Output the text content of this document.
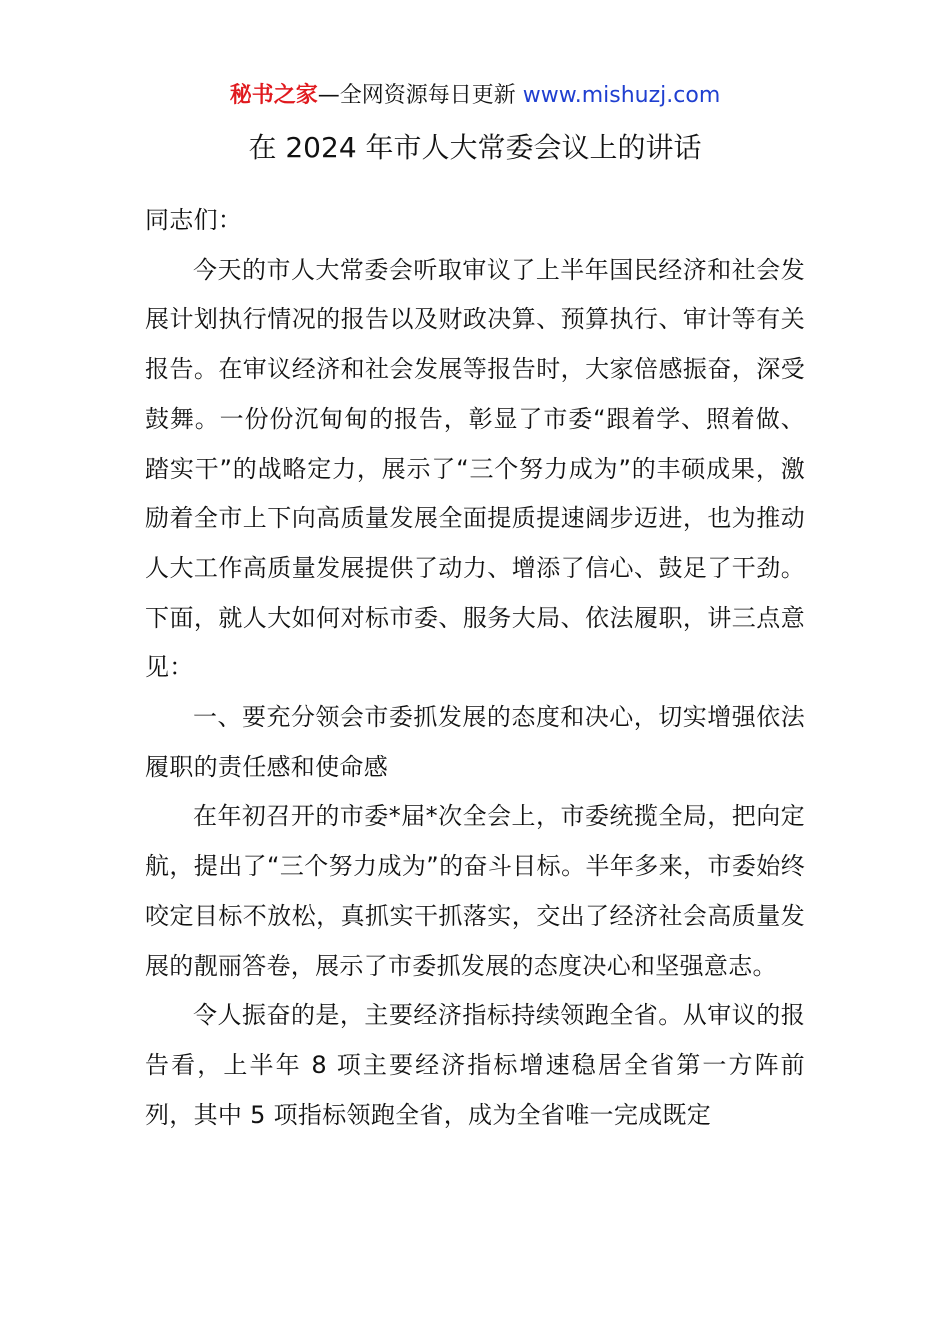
秘书之家—全网资源每日更新 www.mishuzj.com
在 2024 年市人大常委会议上的讲话

同志们：

今天的市人大常委会听取审议了上半年国民经济和社会发展计划执行情况的报告以及财政决算、预算执行、审计等有关报告。在审议经济和社会发展等报告时，大家倍感振奋，深受鼓舞。一份份沉甸甸的报告，彰显了市委“跟着学、照着做、踏实干”的战略定力，展示了“三个努力成为”的丰硕成果，激励着全市上下向高质量发展全面提质提速阔步迈进，也为推动人大工作高质量发展提供了动力、增添了信心、鼓足了干劲。下面，就人大如何对标市委、服务大局、依法履职，讲三点意见：

一、要充分领会市委抓发展的态度和决心，切实增强依法履职的责任感和使命感

在年初召开的市委*届*次全会上，市委统揽全局，把向定航，提出了“三个努力成为”的奋斗目标。半年多来，市委始终咬定目标不放松，真抓实干抓落实，交出了经济社会高质量发展的靓丽答卷，展示了市委抓发展的态度决心和坚强意志。

令人振奋的是，主要经济指标持续领跑全省。从审议的报告看，上半年 8 项主要经济指标增速稳居全省第一方阵前列，其中 5 项指标领跑全省，成为全省唯一完成既定
